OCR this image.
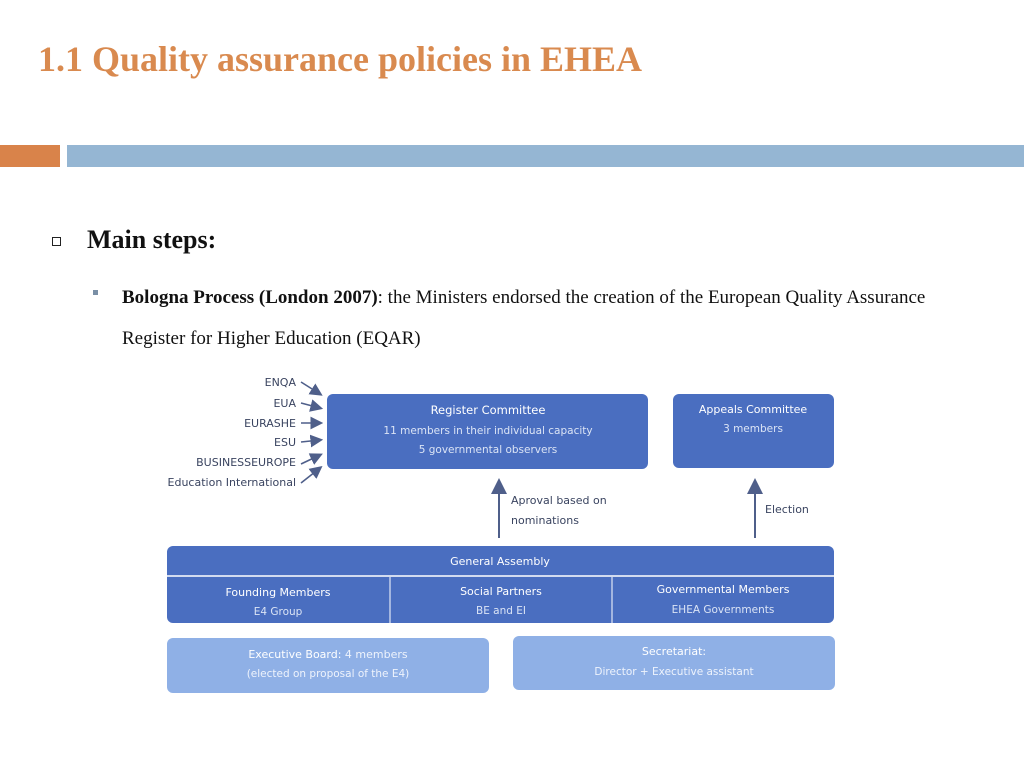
1.1 Quality assurance policies in EHEA
Main steps:
Bologna Process (London 2007): the Ministers endorsed the creation of the European Quality Assurance Register for Higher Education (EQAR)
ENQA
EUA
EURASHE
ESU
BUSINESSEUROPE
Education International
Register Committee
11 members in their individual capacity
5 governmental observers
Appeals Committee
3 members
Aproval based on
nominations
Election
General Assembly
Founding Members
E4 Group
Social Partners
BE and EI
Governmental Members
EHEA Governments
Executive Board: 4 members
(elected on proposal of the E4)
Secretariat:
Director + Executive assistant
